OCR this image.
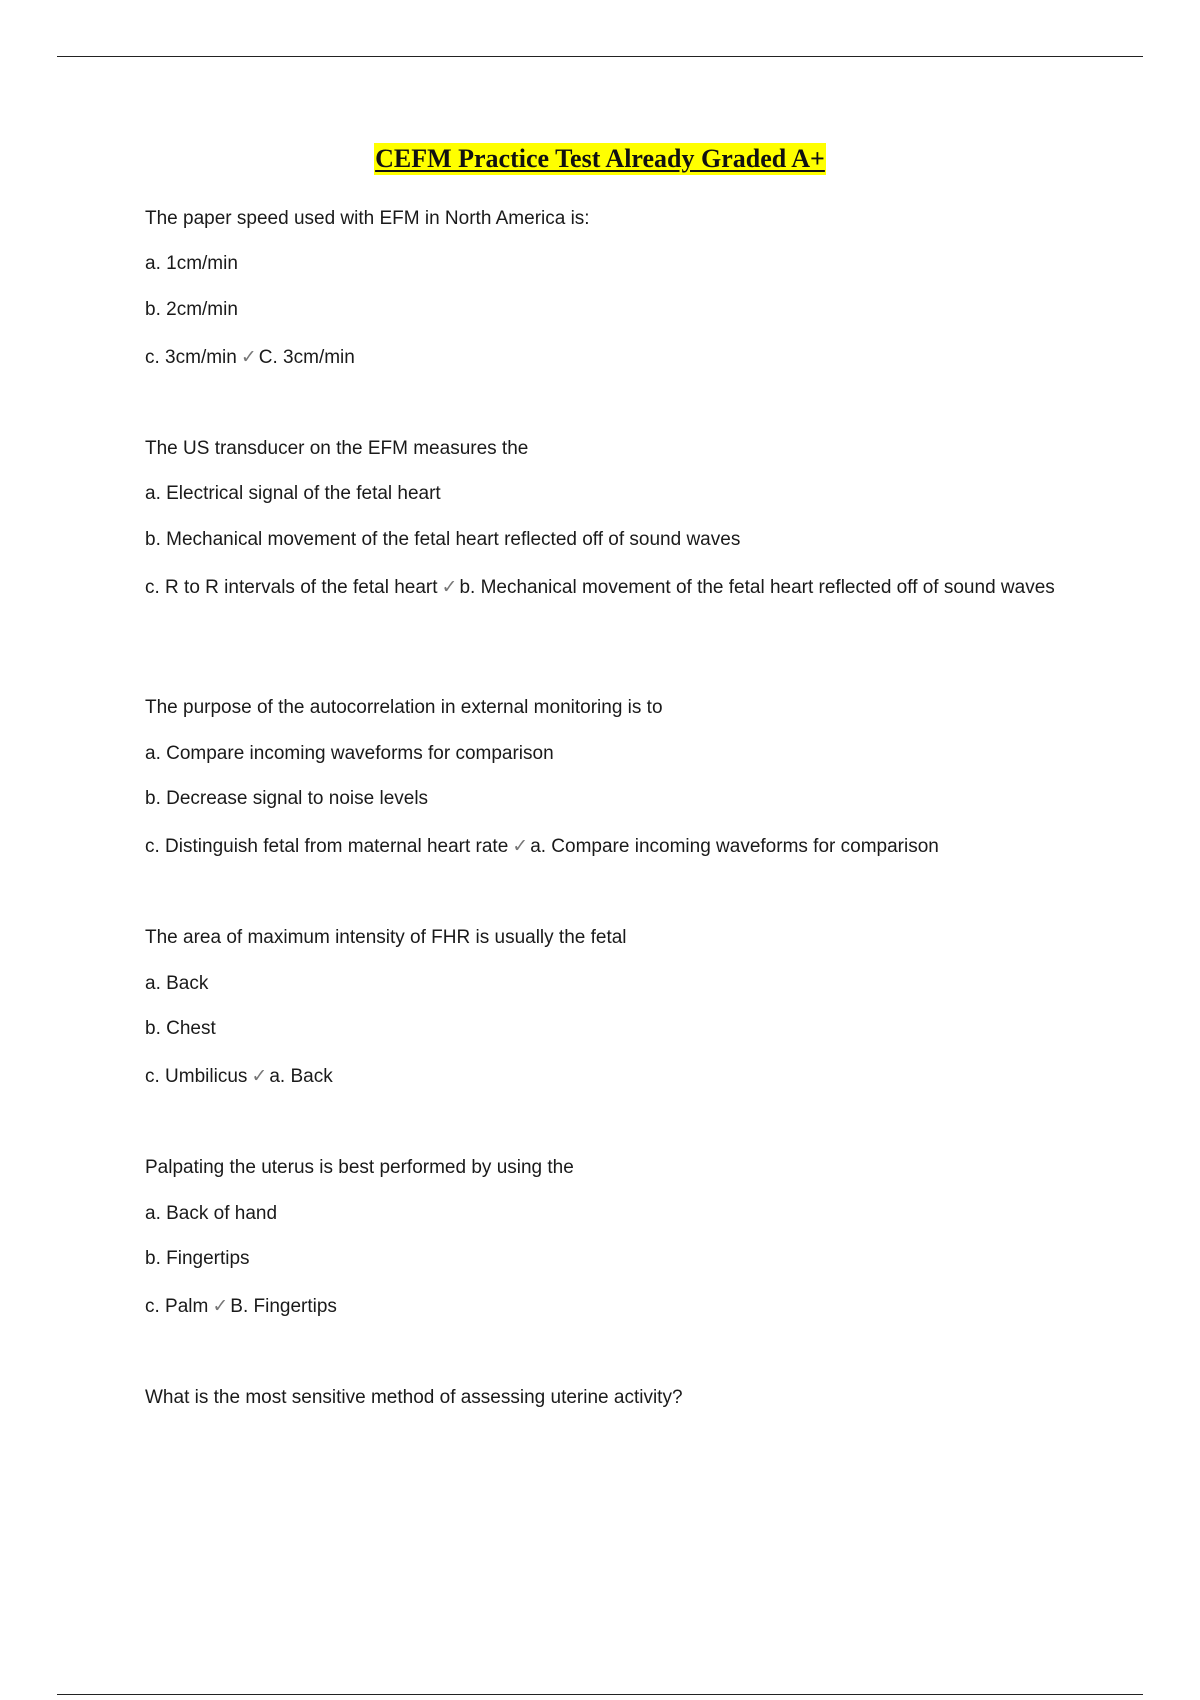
CEFM Practice Test Already Graded A+
The paper speed used with EFM in North America is:
a. 1cm/min
b. 2cm/min
c. 3cm/min ✓ C. 3cm/min
The US transducer on the EFM measures the
a. Electrical signal of the fetal heart
b. Mechanical movement of the fetal heart reflected off of sound waves
c. R to R intervals of the fetal heart ✓ b. Mechanical movement of the fetal heart reflected off of sound waves
The purpose of the autocorrelation in external monitoring is to
a. Compare incoming waveforms for comparison
b. Decrease signal to noise levels
c. Distinguish fetal from maternal heart rate ✓ a. Compare incoming waveforms for comparison
The area of maximum intensity of FHR is usually the fetal
a. Back
b. Chest
c. Umbilicus ✓ a. Back
Palpating the uterus is best performed by using the
a. Back of hand
b. Fingertips
c. Palm ✓ B. Fingertips
What is the most sensitive method of assessing uterine activity?
